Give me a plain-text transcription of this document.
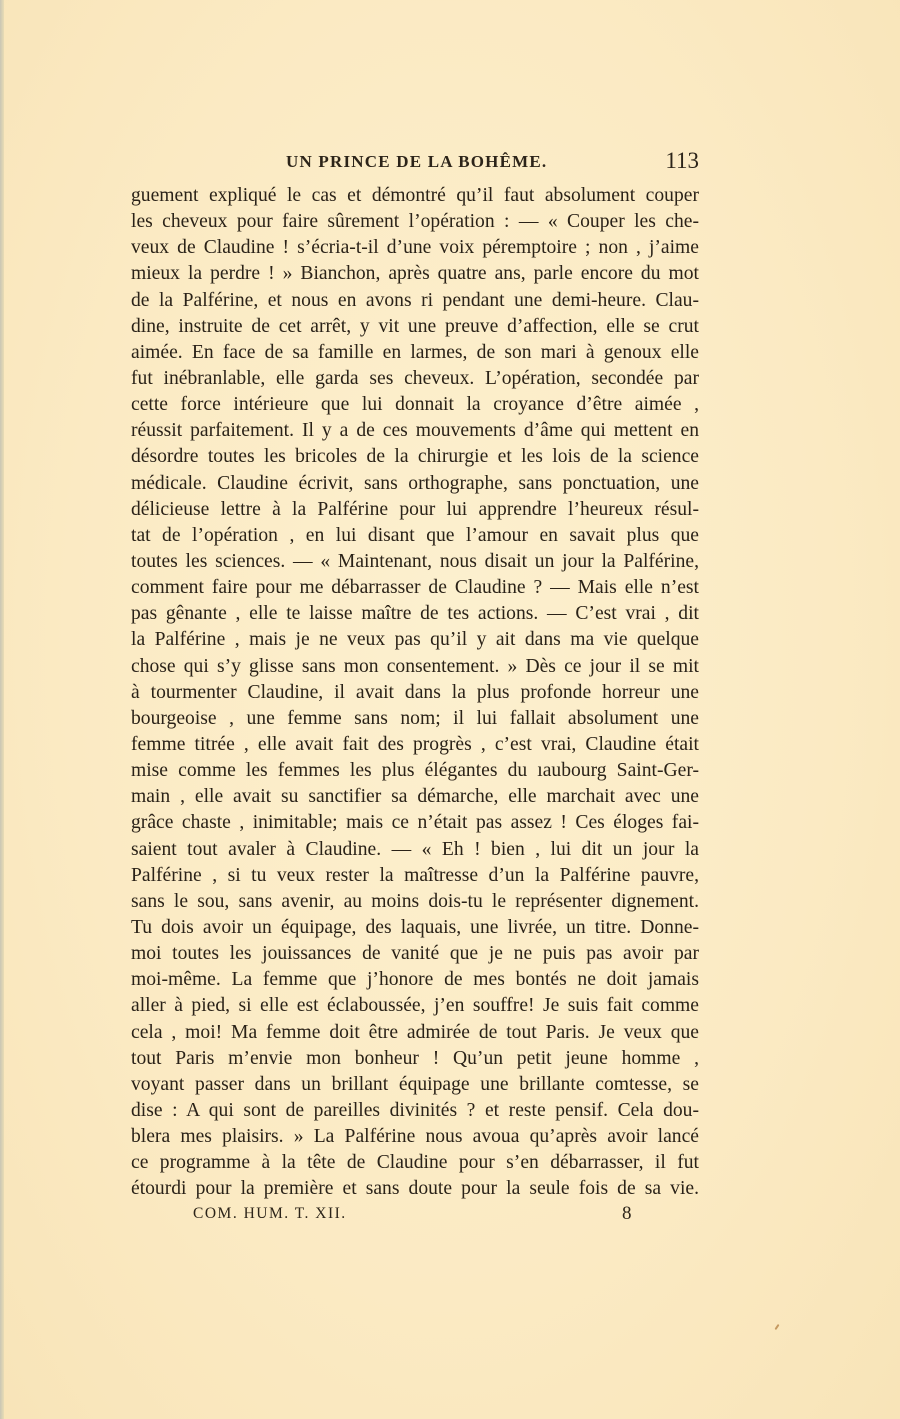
UN PRINCE DE LA BOHÊME.	113
guement expliqué le cas et démontré qu’il faut absolument couper
les cheveux pour faire sûrement l’opération : — « Couper les che-
veux de Claudine ! s’écria-t-il d’une voix péremptoire ; non , j’aime
mieux la perdre ! » Bianchon, après quatre ans, parle encore du mot
de la Palférine, et nous en avons ri pendant une demi-heure. Clau-
dine, instruite de cet arrêt, y vit une preuve d’affection, elle se crut
aimée. En face de sa famille en larmes, de son mari à genoux elle
fut inébranlable, elle garda ses cheveux. L’opération, secondée par
cette force intérieure que lui donnait la croyance d’être aimée ,
réussit parfaitement. Il y a de ces mouvements d’âme qui mettent en
désordre toutes les bricoles de la chirurgie et les lois de la science
médicale. Claudine écrivit, sans orthographe, sans ponctuation, une
délicieuse lettre à la Palférine pour lui apprendre l’heureux résul-
tat de l’opération , en lui disant que l’amour en savait plus que
toutes les sciences. — « Maintenant, nous disait un jour la Palférine,
comment faire pour me débarrasser de Claudine ? — Mais elle n’est
pas gênante , elle te laisse maître de tes actions. — C’est vrai , dit
la Palférine , mais je ne veux pas qu’il y ait dans ma vie quelque
chose qui s’y glisse sans mon consentement. » Dès ce jour il se mit
à tourmenter Claudine, il avait dans la plus profonde horreur une
bourgeoise , une femme sans nom; il lui fallait absolument une
femme titrée , elle avait fait des progrès , c’est vrai, Claudine était
mise comme les femmes les plus élégantes du ıaubourg Saint-Ger-
main , elle avait su sanctifier sa démarche, elle marchait avec une
grâce chaste , inimitable; mais ce n’était pas assez ! Ces éloges fai-
saient tout avaler à Claudine. — « Eh ! bien , lui dit un jour la
Palférine , si tu veux rester la maîtresse d’un la Palférine pauvre,
sans le sou, sans avenir, au moins dois-tu le représenter dignement.
Tu dois avoir un équipage, des laquais, une livrée, un titre. Donne-
moi toutes les jouissances de vanité que je ne puis pas avoir par
moi-même. La femme que j’honore de mes bontés ne doit jamais
aller à pied, si elle est éclaboussée, j’en souffre! Je suis fait comme
cela , moi! Ma femme doit être admirée de tout Paris. Je veux que
tout Paris m’envie mon bonheur ! Qu’un petit jeune homme ,
voyant passer dans un brillant équipage une brillante comtesse, se
dise : A qui sont de pareilles divinités ? et reste pensif. Cela dou-
blera mes plaisirs. » La Palférine nous avoua qu’après avoir lancé
ce programme à la tête de Claudine pour s’en débarrasser, il fut
étourdi pour la première et sans doute pour la seule fois de sa vie.
COM. HUM. T. XII.	8
